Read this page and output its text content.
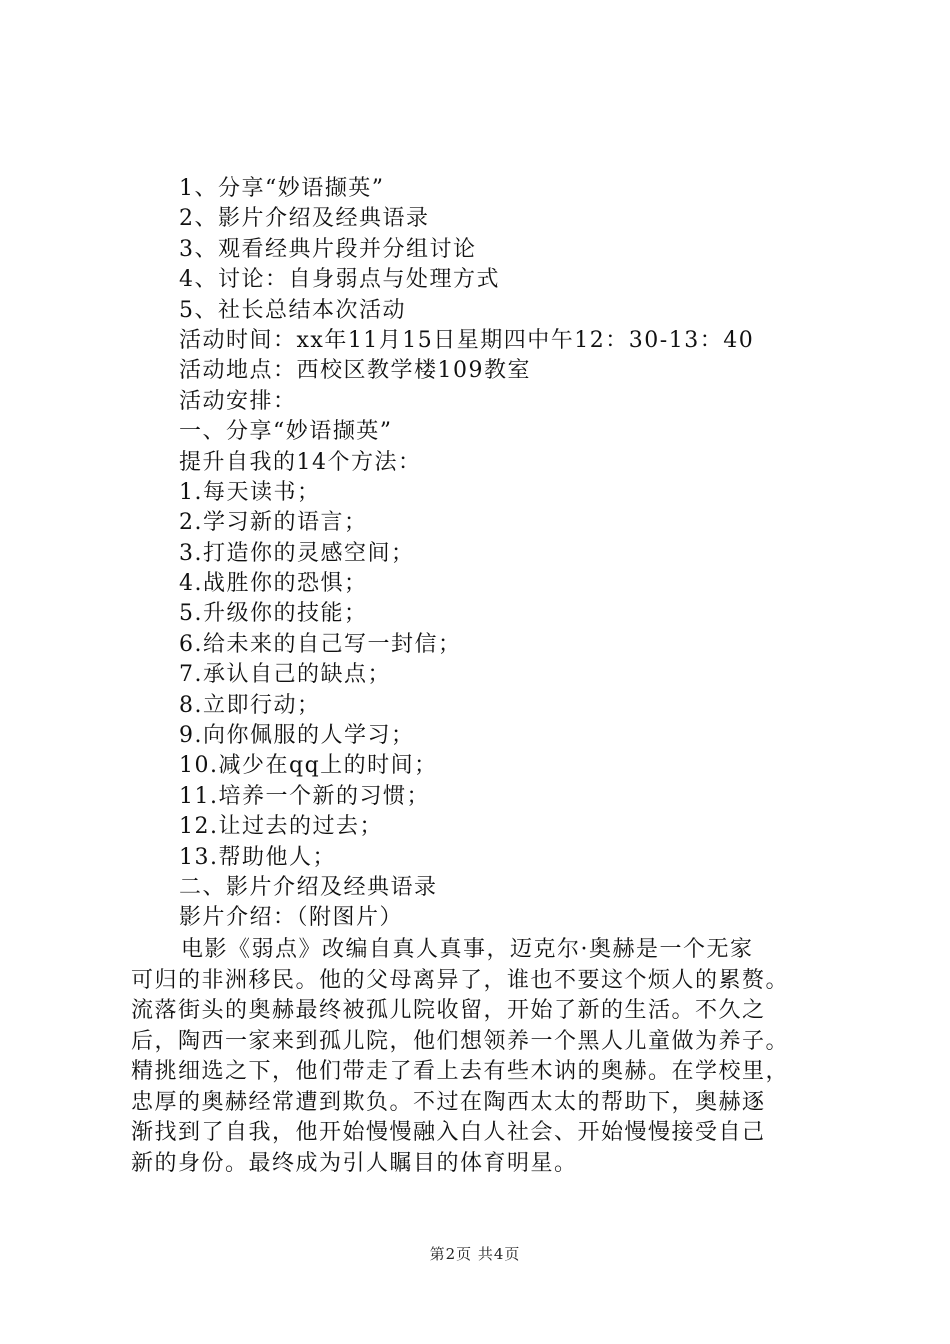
1、分享“妙语撷英”
2、影片介绍及经典语录
3、观看经典片段并分组讨论
4、讨论：自身弱点与处理方式
5、社长总结本次活动
活动时间：xx年11月15日星期四中午12：30-13：40
活动地点：西校区教学楼109教室
活动安排：
一、分享“妙语撷英”
提升自我的14个方法：
1.每天读书；
2.学习新的语言；
3.打造你的灵感空间；
4.战胜你的恐惧；
5.升级你的技能；
6.给未来的自己写一封信；
7.承认自己的缺点；
8.立即行动；
9.向你佩服的人学习；
10.减少在qq上的时间；
11.培养一个新的习惯；
12.让过去的过去；
13.帮助他人；
二、影片介绍及经典语录
影片介绍：（附图片）
电影《弱点》改编自真人真事，迈克尔·奥赫是一个无家
可归的非洲移民。他的父母离异了，谁也不要这个烦人的累赘。
流落街头的奥赫最终被孤儿院收留，开始了新的生活。不久之
后，陶西一家来到孤儿院，他们想领养一个黑人儿童做为养子。
精挑细选之下，他们带走了看上去有些木讷的奥赫。在学校里，
忠厚的奥赫经常遭到欺负。不过在陶西太太的帮助下，奥赫逐
渐找到了自我，他开始慢慢融入白人社会、开始慢慢接受自己
新的身份。最终成为引人瞩目的体育明星。
第2页 共4页
